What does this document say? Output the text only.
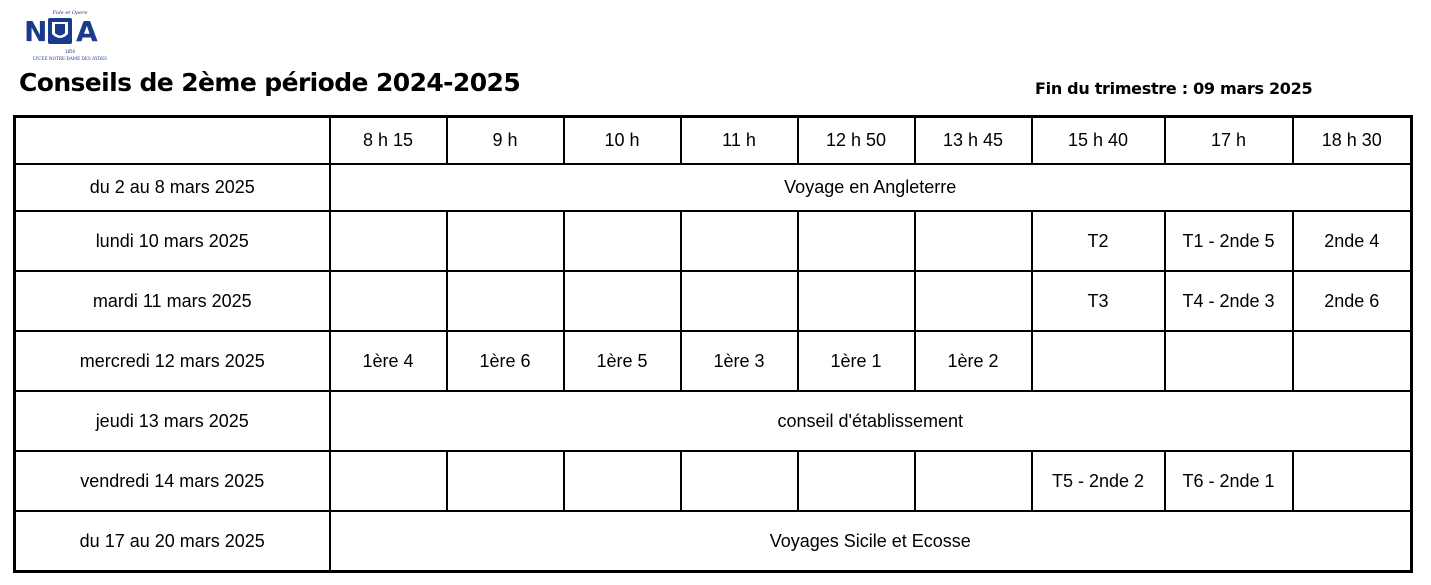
Fide et Opere
N A
1850
LYCEE NOTRE-DAME DES AYDES
Conseils de 2ème période 2024-2025	Fin du trimestre : 09 mars 2025
	8 h 15	9 h	10 h	11 h	12 h 50	13 h 45	15 h 40	17 h	18 h 30
du 2 au 8 mars 2025	Voyage en Angleterre								
lundi 10 mars 2025							T2	T1 - 2nde 5	2nde 4
mardi 11 mars 2025							T3	T4 - 2nde 3	2nde 6
mercredi 12 mars 2025	1ère 4	1ère 6	1ère 5	1ère 3	1ère 1	1ère 2			
jeudi 13 mars 2025	conseil d'établissement								
vendredi 14 mars 2025							T5 - 2nde 2	T6 - 2nde 1	
du 17 au 20 mars 2025	Voyages Sicile et Ecosse								
